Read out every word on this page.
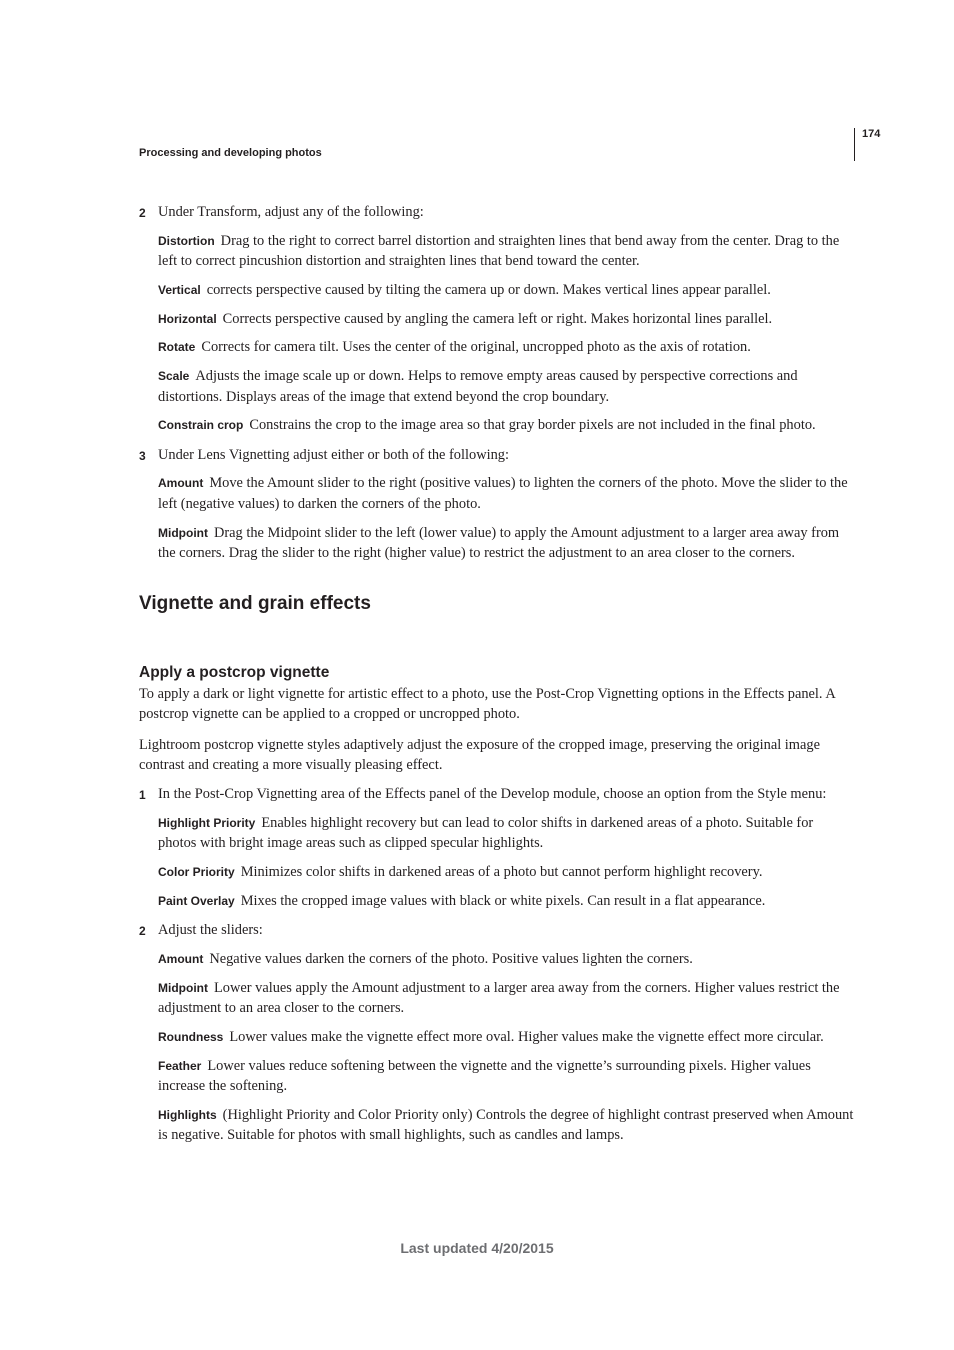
174
Processing and developing photos
2 Under Transform, adjust any of the following:

Distortion Drag to the right to correct barrel distortion and straighten lines that bend away from the center. Drag to the left to correct pincushion distortion and straighten lines that bend toward the center.

Vertical corrects perspective caused by tilting the camera up or down. Makes vertical lines appear parallel.

Horizontal Corrects perspective caused by angling the camera left or right. Makes horizontal lines parallel.

Rotate Corrects for camera tilt. Uses the center of the original, uncropped photo as the axis of rotation.

Scale Adjusts the image scale up or down. Helps to remove empty areas caused by perspective corrections and distortions. Displays areas of the image that extend beyond the crop boundary.

Constrain crop Constrains the crop to the image area so that gray border pixels are not included in the final photo.

3 Under Lens Vignetting adjust either or both of the following:

Amount Move the Amount slider to the right (positive values) to lighten the corners of the photo. Move the slider to the left (negative values) to darken the corners of the photo.

Midpoint Drag the Midpoint slider to the left (lower value) to apply the Amount adjustment to a larger area away from the corners. Drag the slider to the right (higher value) to restrict the adjustment to an area closer to the corners.

Vignette and grain effects
Apply a postcrop vignette

To apply a dark or light vignette for artistic effect to a photo, use the Post-Crop Vignetting options in the Effects panel. A postcrop vignette can be applied to a cropped or uncropped photo.

Lightroom postcrop vignette styles adaptively adjust the exposure of the cropped image, preserving the original image contrast and creating a more visually pleasing effect.

1 In the Post-Crop Vignetting area of the Effects panel of the Develop module, choose an option from the Style menu:

Highlight Priority Enables highlight recovery but can lead to color shifts in darkened areas of a photo. Suitable for photos with bright image areas such as clipped specular highlights.

Color Priority Minimizes color shifts in darkened areas of a photo but cannot perform highlight recovery.

Paint Overlay Mixes the cropped image values with black or white pixels. Can result in a flat appearance.

2 Adjust the sliders:

Amount Negative values darken the corners of the photo. Positive values lighten the corners.

Midpoint Lower values apply the Amount adjustment to a larger area away from the corners. Higher values restrict the adjustment to an area closer to the corners.

Roundness Lower values make the vignette effect more oval. Higher values make the vignette effect more circular.

Feather Lower values reduce softening between the vignette and the vignette’s surrounding pixels. Higher values increase the softening.

Highlights (Highlight Priority and Color Priority only) Controls the degree of highlight contrast preserved when Amount is negative. Suitable for photos with small highlights, such as candles and lamps.

Last updated 4/20/2015
